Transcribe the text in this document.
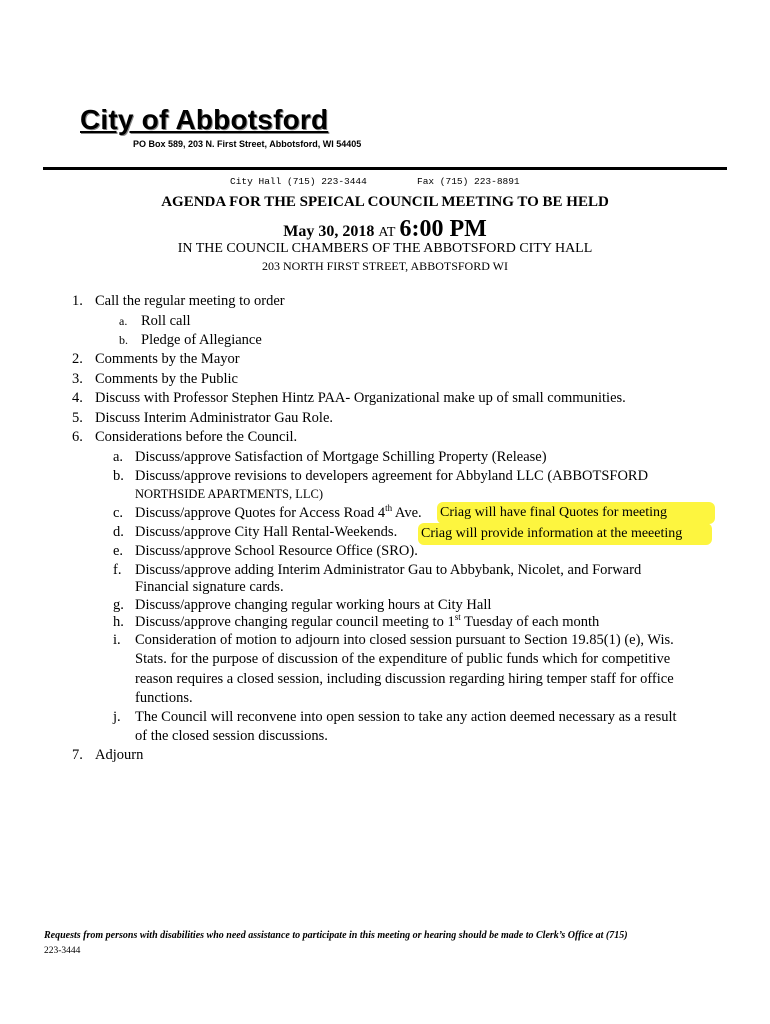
City of Abbotsford
PO Box 589, 203 N. First Street, Abbotsford, WI 54405
City Hall (715) 223-3444	Fax (715) 223-8891
AGENDA FOR THE SPEICAL COUNCIL MEETING TO BE HELD
May 30, 2018 AT 6:00 PM
IN THE COUNCIL CHAMBERS OF THE ABBOTSFORD CITY HALL
203 NORTH FIRST STREET, ABBOTSFORD WI
1. Call the regular meeting to order
a. Roll call
b. Pledge of Allegiance
2. Comments by the Mayor
3. Comments by the Public
4. Discuss with Professor Stephen Hintz PAA- Organizational make up of small communities.
5. Discuss Interim Administrator Gau Role.
6. Considerations before the Council.
a. Discuss/approve Satisfaction of Mortgage Schilling Property (Release)
b. Discuss/approve revisions to developers agreement for Abbyland LLC (ABBOTSFORD
NORTHSIDE APARTMENTS, LLC)
c. Discuss/approve Quotes for Access Road 4th Ave. Criag will have final Quotes for meeting
d. Discuss/approve City Hall Rental-Weekends. Criag will provide information at the meeeting
e. Discuss/approve School Resource Office (SRO).
f. Discuss/approve adding Interim Administrator Gau to Abbybank, Nicolet, and Forward
Financial signature cards.
g. Discuss/approve changing regular working hours at City Hall
h. Discuss/approve changing regular council meeting to 1st Tuesday of each month
i. Consideration of motion to adjourn into closed session pursuant to Section 19.85(1) (e), Wis.
Stats. for the purpose of discussion of the expenditure of public funds which for competitive
reason requires a closed session, including discussion regarding hiring temper staff for office
functions.
j. The Council will reconvene into open session to take any action deemed necessary as a result
of the closed session discussions.
7. Adjourn
Requests from persons with disabilities who need assistance to participate in this meeting or hearing should be made to Clerk’s Office at (715)
223-3444
